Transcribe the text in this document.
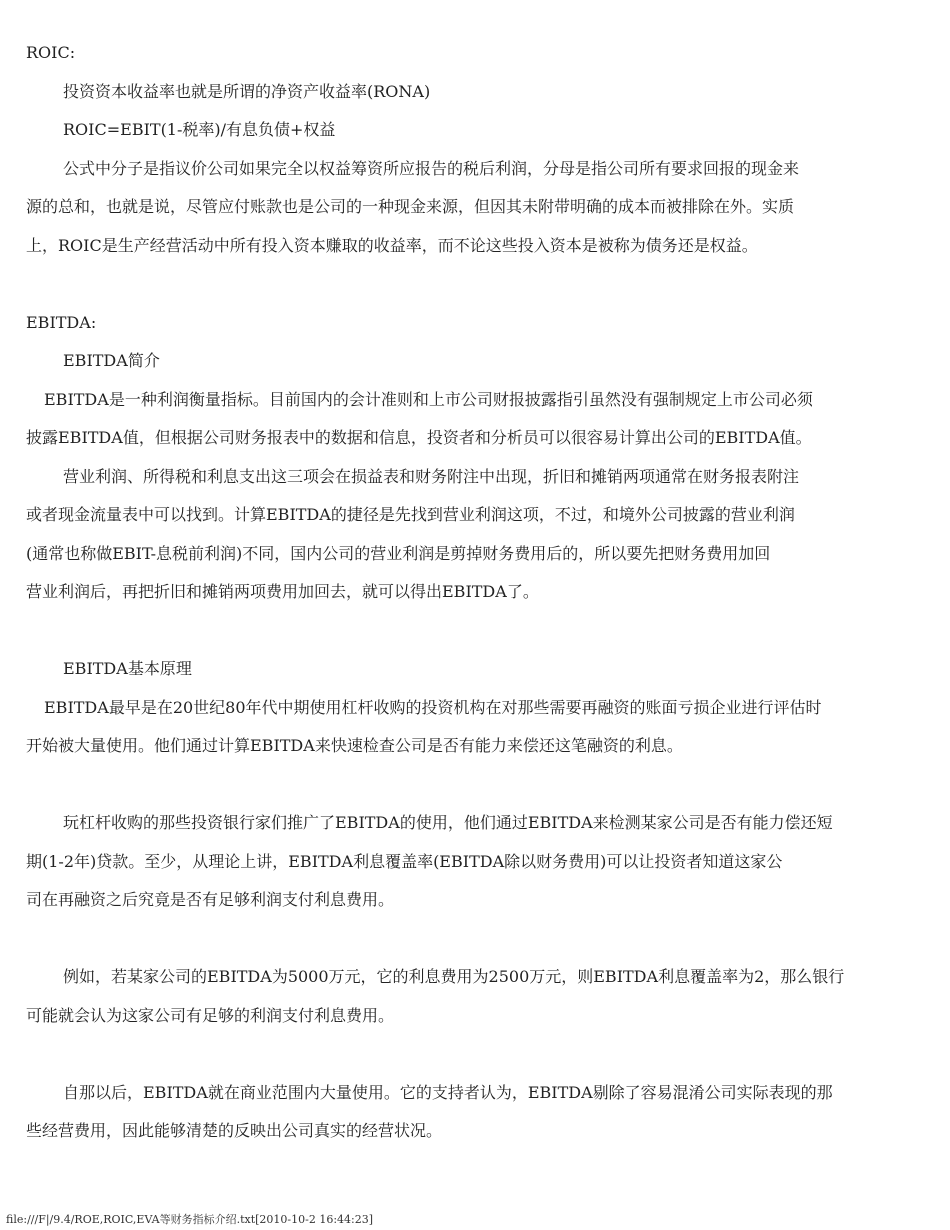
ROIC:
投资资本收益率也就是所谓的净资产收益率(RONA)
ROIC=EBIT(1-税率)/有息负债+权益
公式中分子是指议价公司如果完全以权益筹资所应报告的税后利润，分母是指公司所有要求回报的现金来
源的总和，也就是说，尽管应付账款也是公司的一种现金来源，但因其未附带明确的成本而被排除在外。实质
上，ROIC是生产经营活动中所有投入资本赚取的收益率，而不论这些投入资本是被称为债务还是权益。
EBITDA:
EBITDA简介
EBITDA是一种利润衡量指标。目前国内的会计准则和上市公司财报披露指引虽然没有强制规定上市公司必须
披露EBITDA值，但根据公司财务报表中的数据和信息，投资者和分析员可以很容易计算出公司的EBITDA值。
营业利润、所得税和利息支出这三项会在损益表和财务附注中出现，折旧和摊销两项通常在财务报表附注
或者现金流量表中可以找到。计算EBITDA的捷径是先找到营业利润这项，不过，和境外公司披露的营业利润
(通常也称做EBIT-息税前利润)不同，国内公司的营业利润是剪掉财务费用后的，所以要先把财务费用加回
营业利润后，再把折旧和摊销两项费用加回去，就可以得出EBITDA了。
EBITDA基本原理
EBITDA最早是在20世纪80年代中期使用杠杆收购的投资机构在对那些需要再融资的账面亏损企业进行评估时
开始被大量使用。他们通过计算EBITDA来快速检查公司是否有能力来偿还这笔融资的利息。
玩杠杆收购的那些投资银行家们推广了EBITDA的使用，他们通过EBITDA来检测某家公司是否有能力偿还短
期(1-2年)贷款。至少，从理论上讲，EBITDA利息覆盖率(EBITDA除以财务费用)可以让投资者知道这家公
司在再融资之后究竟是否有足够利润支付利息费用。
例如，若某家公司的EBITDA为5000万元，它的利息费用为2500万元，则EBITDA利息覆盖率为2，那么银行
可能就会认为这家公司有足够的利润支付利息费用。
自那以后，EBITDA就在商业范围内大量使用。它的支持者认为，EBITDA剔除了容易混淆公司实际表现的那
些经营费用，因此能够清楚的反映出公司真实的经营状况。
file:///F|/9.4/ROE,ROIC,EVA等财务指标介绍.txt[2010-10-2 16:44:23]
